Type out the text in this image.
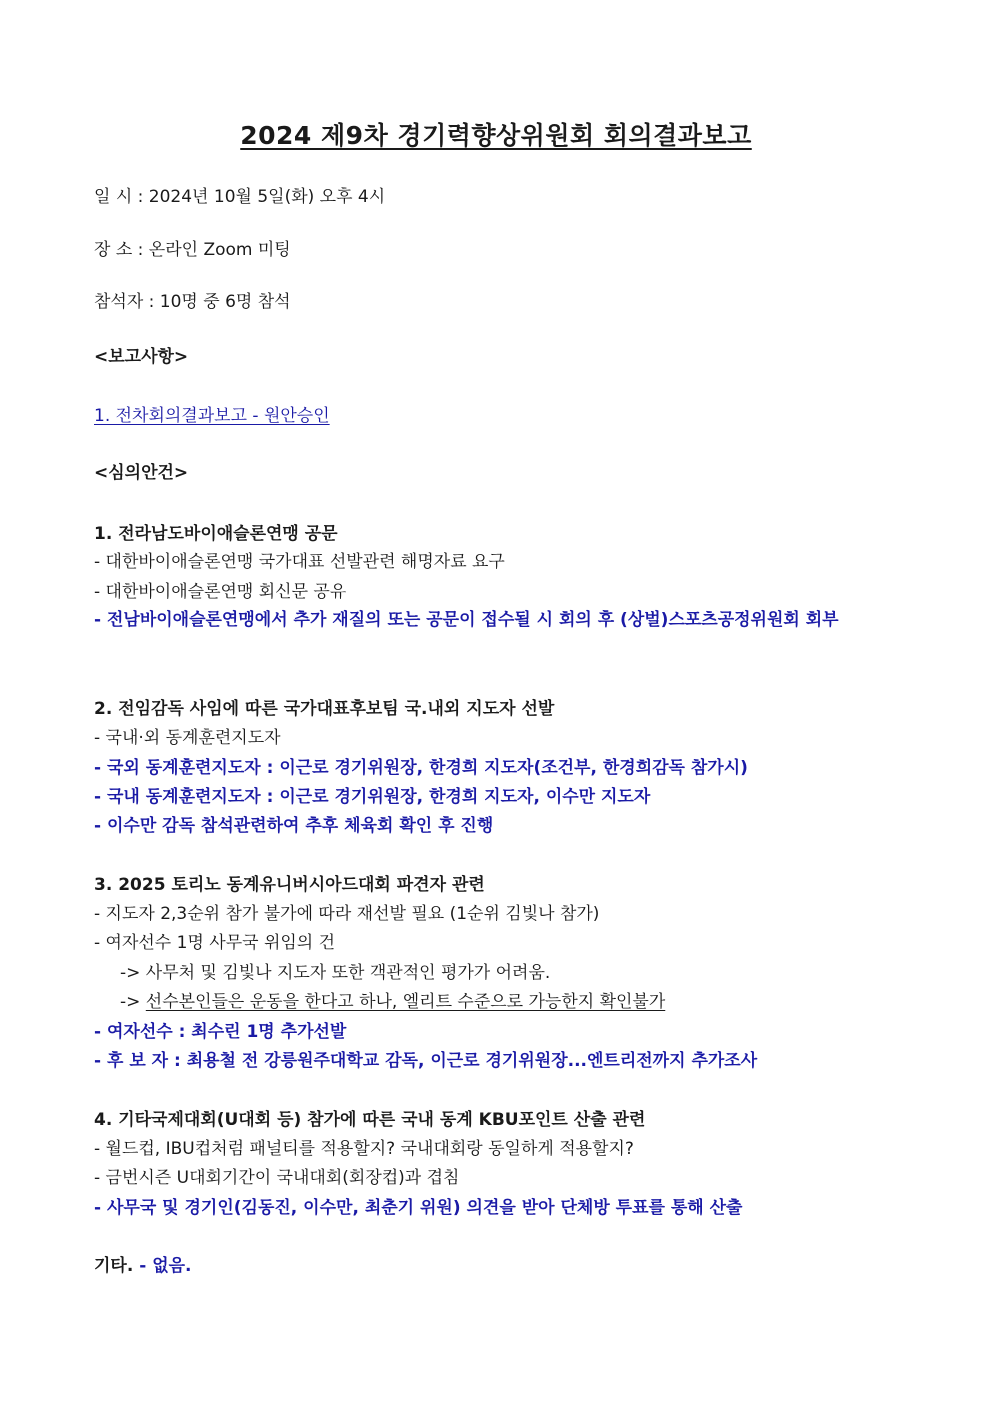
2024 제9차 경기력향상위원회 회의결과보고
일 시 : 2024년 10월 5일(화) 오후 4시
장 소 : 온라인 Zoom 미팅
참석자 : 10명 중 6명 참석
<보고사항>
1. 전차회의결과보고 - 원안승인
<심의안건>
1. 전라남도바이애슬론연맹 공문
- 대한바이애슬론연맹 국가대표 선발관련 해명자료 요구
- 대한바이애슬론연맹 회신문 공유
- 전남바이애슬론연맹에서 추가 재질의 또는 공문이 접수될 시 회의 후 (상벌)스포츠공정위원회 회부
2. 전임감독 사임에 따른 국가대표후보팀 국.내외 지도자 선발
- 국내·외 동계훈련지도자
- 국외 동계훈련지도자 : 이근로 경기위원장, 한경희 지도자(조건부, 한경희감독 참가시)
- 국내 동계훈련지도자 : 이근로 경기위원장, 한경희 지도자, 이수만 지도자
- 이수만 감독 참석관련하여 추후 체육회 확인 후 진행
3. 2025 토리노 동계유니버시아드대회 파견자 관련
- 지도자 2,3순위 참가 불가에 따라 재선발 필요 (1순위 김빛나 참가)
- 여자선수 1명 사무국 위임의 건
-> 사무처 및 김빛나 지도자 또한 객관적인 평가가 어려움.
-> 선수본인들은 운동을 한다고 하나, 엘리트 수준으로 가능한지 확인불가
- 여자선수 : 최수린 1명 추가선발
- 후 보 자 : 최용철 전 강릉원주대학교 감독, 이근로 경기위원장...엔트리전까지 추가조사
4. 기타국제대회(U대회 등) 참가에 따른 국내 동계 KBU포인트 산출 관련
- 월드컵, IBU컵처럼 패널티를 적용할지? 국내대회랑 동일하게 적용할지?
- 금번시즌 U대회기간이 국내대회(회장컵)과 겹침
- 사무국 및 경기인(김동진, 이수만, 최춘기 위원) 의견을 받아 단체방 투표를 통해 산출
기타. - 없음.
